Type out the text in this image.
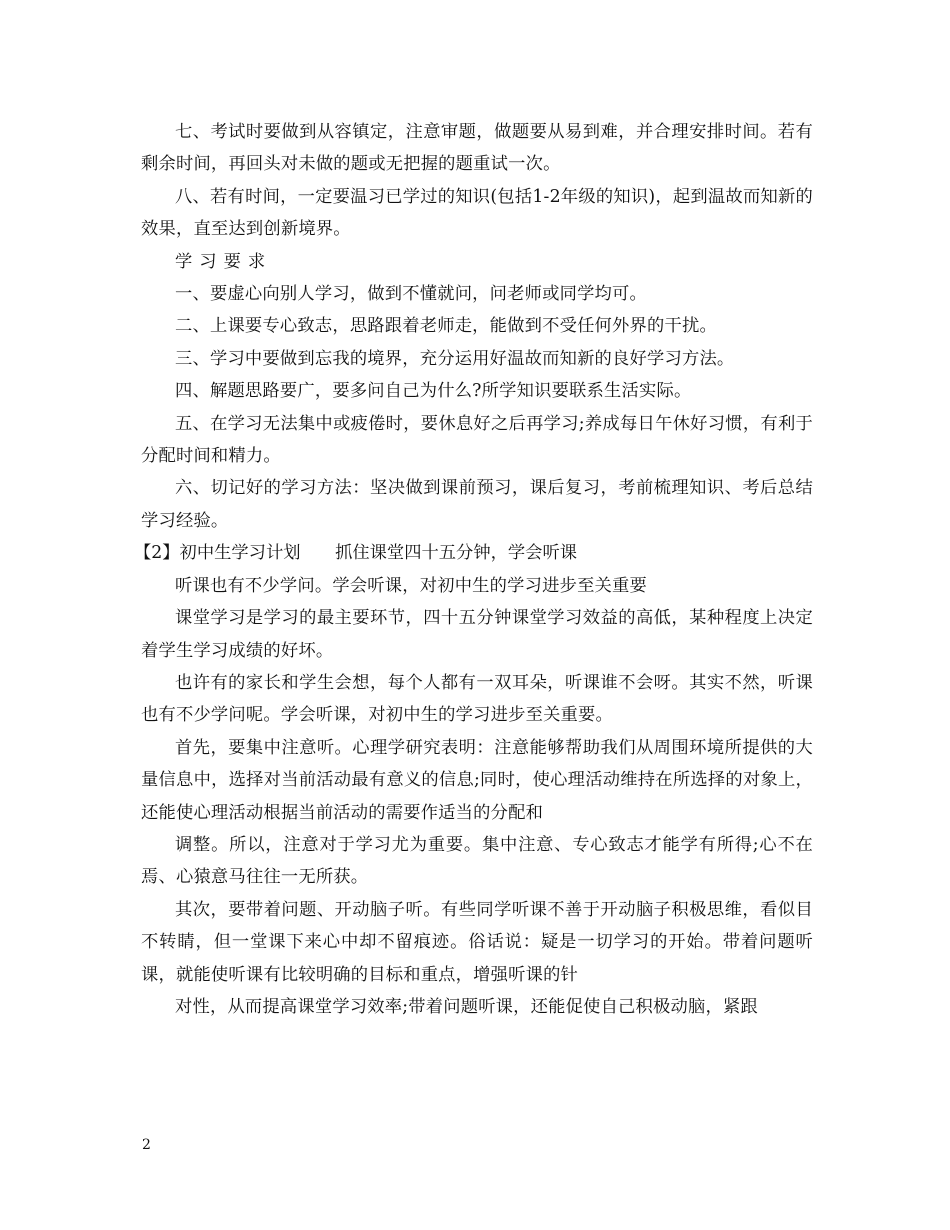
七、考试时要做到从容镇定，注意审题，做题要从易到难，并合理安排时间。若有剩余时间，再回头对未做的题或无把握的题重试一次。

八、若有时间，一定要温习已学过的知识(包括1-2年级的知识)，起到温故而知新的效果，直至达到创新境界。

学习要求

一、要虚心向别人学习，做到不懂就问，问老师或同学均可。

二、上课要专心致志，思路跟着老师走，能做到不受任何外界的干扰。

三、学习中要做到忘我的境界，充分运用好温故而知新的良好学习方法。

四、解题思路要广，要多问自己为什么?所学知识要联系生活实际。

五、在学习无法集中或疲倦时，要休息好之后再学习;养成每日午休好习惯，有利于分配时间和精力。

六、切记好的学习方法：坚决做到课前预习，课后复习，考前梳理知识、考后总结学习经验。

【2】初中生学习计划　　抓住课堂四十五分钟，学会听课

听课也有不少学问。学会听课，对初中生的学习进步至关重要

课堂学习是学习的最主要环节，四十五分钟课堂学习效益的高低，某种程度上决定着学生学习成绩的好坏。

也许有的家长和学生会想，每个人都有一双耳朵，听课谁不会呀。其实不然，听课也有不少学问呢。学会听课，对初中生的学习进步至关重要。

首先，要集中注意听。心理学研究表明：注意能够帮助我们从周围环境所提供的大量信息中，选择对当前活动最有意义的信息;同时，使心理活动维持在所选择的对象上，还能使心理活动根据当前活动的需要作适当的分配和

调整。所以，注意对于学习尤为重要。集中注意、专心致志才能学有所得;心不在焉、心猿意马往往一无所获。

其次，要带着问题、开动脑子听。有些同学听课不善于开动脑子积极思维，看似目不转睛，但一堂课下来心中却不留痕迹。俗话说：疑是一切学习的开始。带着问题听课，就能使听课有比较明确的目标和重点，增强听课的针

对性，从而提高课堂学习效率;带着问题听课，还能促使自己积极动脑，紧跟

2
